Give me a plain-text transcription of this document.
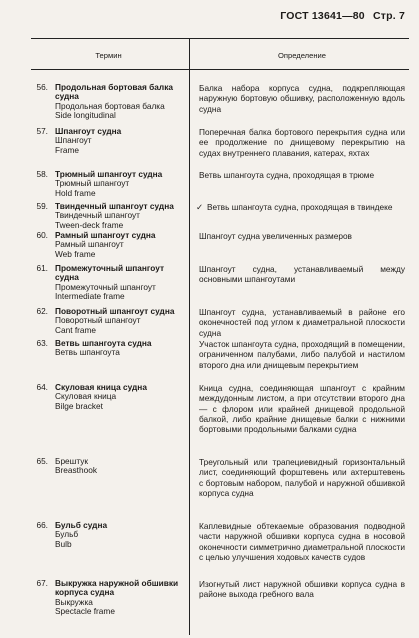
ГОСТ 13641—80 Стр. 7
Термин	Определение
56. Продольная бортовая балка судна
Продольная бортовая балка
Side longitudinal
Балка набора корпуса судна, подкрепляющая наружную бортовую обшивку, расположенную вдоль судна
57. Шпангоут судна
Шпангоут
Frame
Поперечная балка бортового перекрытия судна или ее продолжение по днищевому перекрытию на судах внутреннего плавания, катерах, яхтах
58. Трюмный шпангоут судна
Трюмный шпангоут
Hold frame
Ветвь шпангоута судна, проходящая в трюме
59. Твиндечный шпангоут судна
Твиндечный шпангоут
Tween-deck frame
✓ Ветвь шпангоута судна, проходящая в твиндеке
60. Рамный шпангоут судна
Рамный шпангоут
Web frame
Шпангоут судна увеличенных размеров
61. Промежуточный шпангоут судна
Промежуточный шпангоут
Intermediate frame
Шпангоут судна, устанавливаемый между основными шпангоутами
62. Поворотный шпангоут судна
Поворотный шпангоут
Cant frame
Шпангоут судна, устанавливаемый в районе его оконечностей под углом к диаметральной плоскости судна
63. Ветвь шпангоута судна
Ветвь шпангоута
Участок шпангоута судна, проходящий в помещении, ограниченном палубами, либо палубой и настилом второго дна или днищевым перекрытием
64. Скуловая кница судна
Скуловая кница
Bilge bracket
Кница судна, соединяющая шпангоут с крайним междудонным листом, а при отсутствии второго дна — с флором или крайней днищевой продольной балкой, либо крайние днищевые балки с нижними бортовыми продольными балками судна
65. Брештук
Breasthook
Треугольный или трапециевидный горизонтальный лист, соединяющий форштевень или ахтерштевень с бортовым набором, палубой и наружной обшивкой корпуса судна
66. Бульб судна
Бульб
Bulb
Каплевидные обтекаемые образования подводной части наружной обшивки корпуса судна в носовой оконечности симметрично диаметральной плоскости с целью улучшения ходовых качеств судов
67. Выкружка наружной обшивки корпуса судна
Выкружка
Spectacle frame
Изогнутый лист наружной обшивки корпуса судна в районе выхода гребного вала
